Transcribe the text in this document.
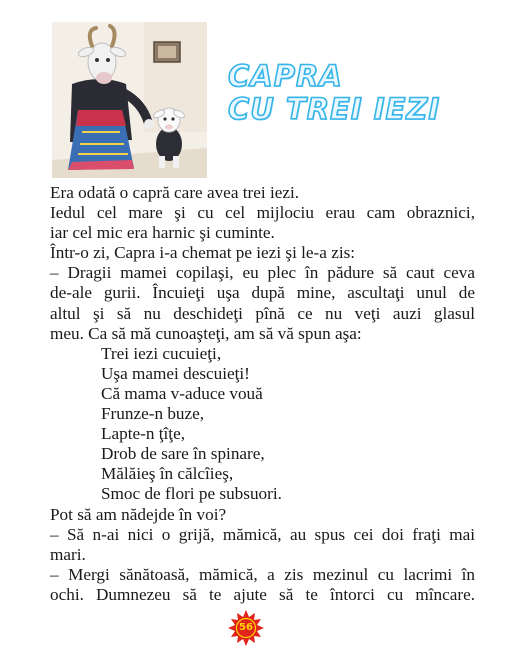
CAPRA
CU TREI IEZI
Era odată o capră care avea trei iezi.
Iedul cel mare şi cu cel mijlociu erau cam obraznici,
iar cel mic era harnic şi cuminte.
Într-o zi, Capra i-a chemat pe iezi şi le-a zis:
– Dragii mamei copilaşi, eu plec în pădure să caut ceva
de-ale gurii. Încuieţi uşa după mine, ascultaţi unul de
altul şi să nu deschideţi pînă ce nu veţi auzi glasul
meu. Ca să mă cunoaşteţi, am să vă spun aşa:
Trei iezi cucuieţi,
Uşa mamei descuieţi!
Că mama v-aduce vouă
Frunze-n buze,
Lapte-n ţîţe,
Drob de sare în spinare,
Mălăieş în călcîieş,
Smoc de flori pe subsuori.
Pot să am nădejde în voi?
– Să n-ai nici o grijă, mămică, au spus cei doi fraţi mai
mari.
– Mergi sănătoasă, mămică, a zis mezinul cu lacrimi în
ochi. Dumnezeu să te ajute să te întorci cu mîncare.
56
